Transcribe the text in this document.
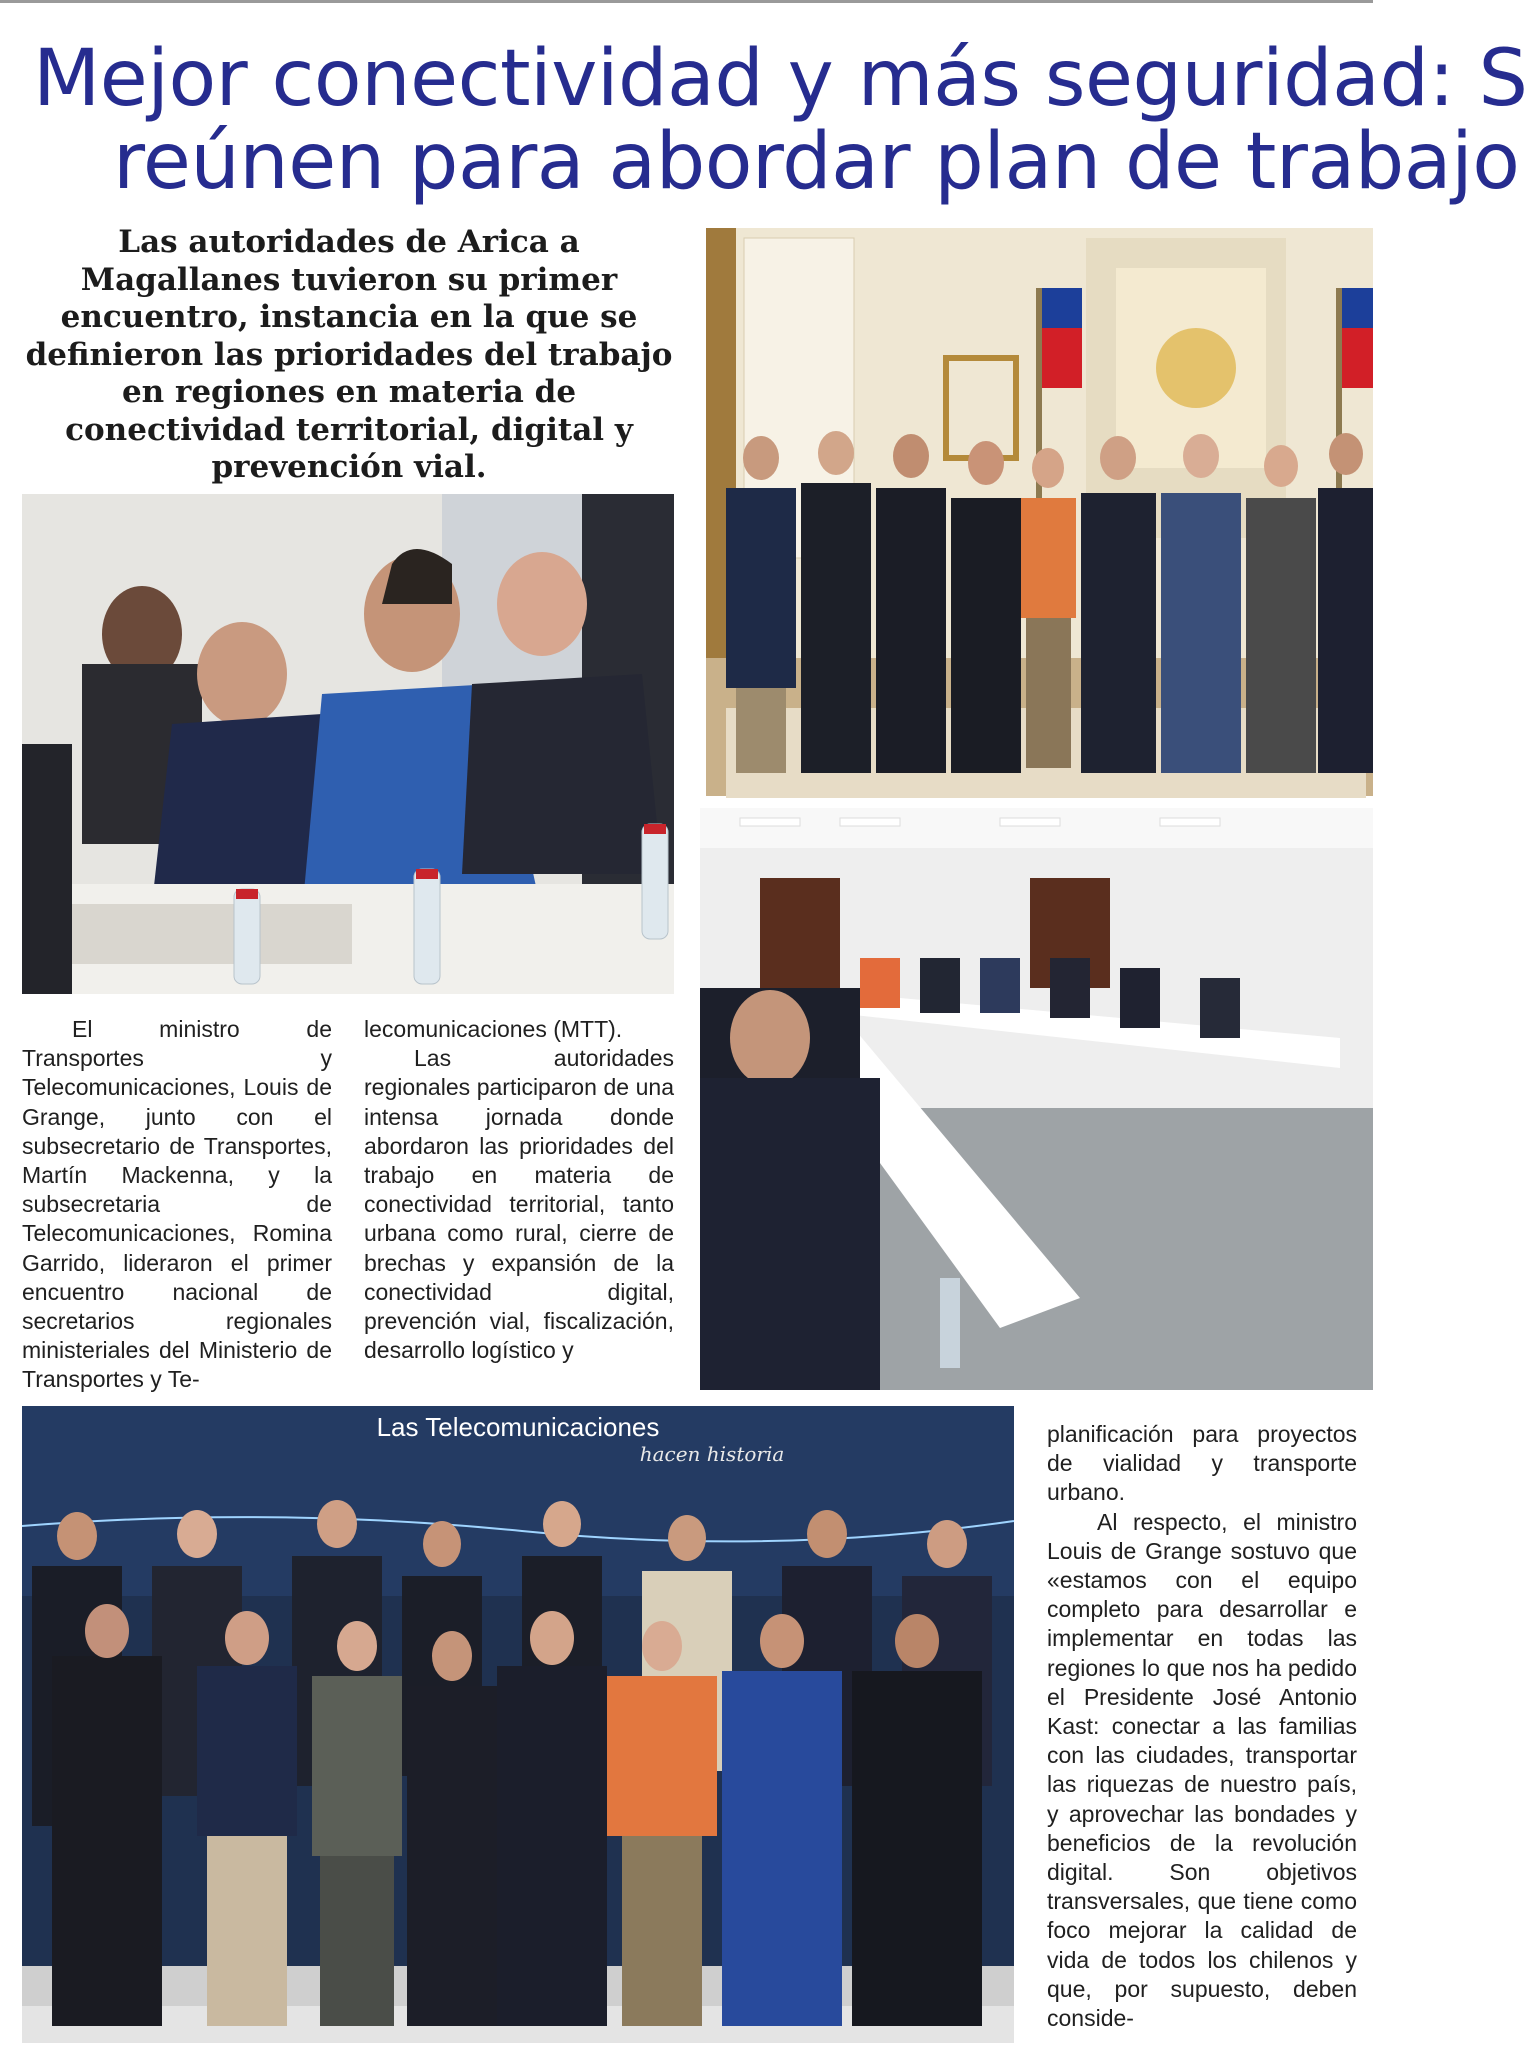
Mejor conectividad y más seguridad: S
reúnen para abordar plan de trabajo
Las autoridades de Arica a Magallanes tuvieron su primer encuentro, instancia en la que se definieron las prioridades del trabajo en regiones en materia de conectividad territorial, digital y prevención vial.
Las Telecomunicaciones
hacen historia

El ministro de Transportes y Telecomunicaciones, Louis de Grange, junto con el subsecretario de Transportes, Martín Mackenna, y la subsecretaria de Telecomunicaciones, Romina Garrido, lideraron el primer encuentro nacional de secretarios regionales ministeriales del Ministerio de Transportes y Te-

lecomunicaciones (MTT).

Las autoridades regionales participaron de una intensa jornada donde abordaron las prioridades del trabajo en materia de conectividad territorial, tanto urbana como rural, cierre de brechas y expansión de la conectividad digital, prevención vial, fiscalización, desarrollo logístico y

planificación para proyectos de vialidad y transporte urbano.

Al respecto, el ministro Louis de Grange sostuvo que «estamos con el equipo completo para desarrollar e implementar en todas las regiones lo que nos ha pedido el Presidente José Antonio Kast: conectar a las familias con las ciudades, transportar las riquezas de nuestro país, y aprovechar las bondades y beneficios de la revolución digital. Son objetivos transversales, que tiene como foco mejorar la calidad de vida de todos los chilenos y que, por supuesto, deben conside-
